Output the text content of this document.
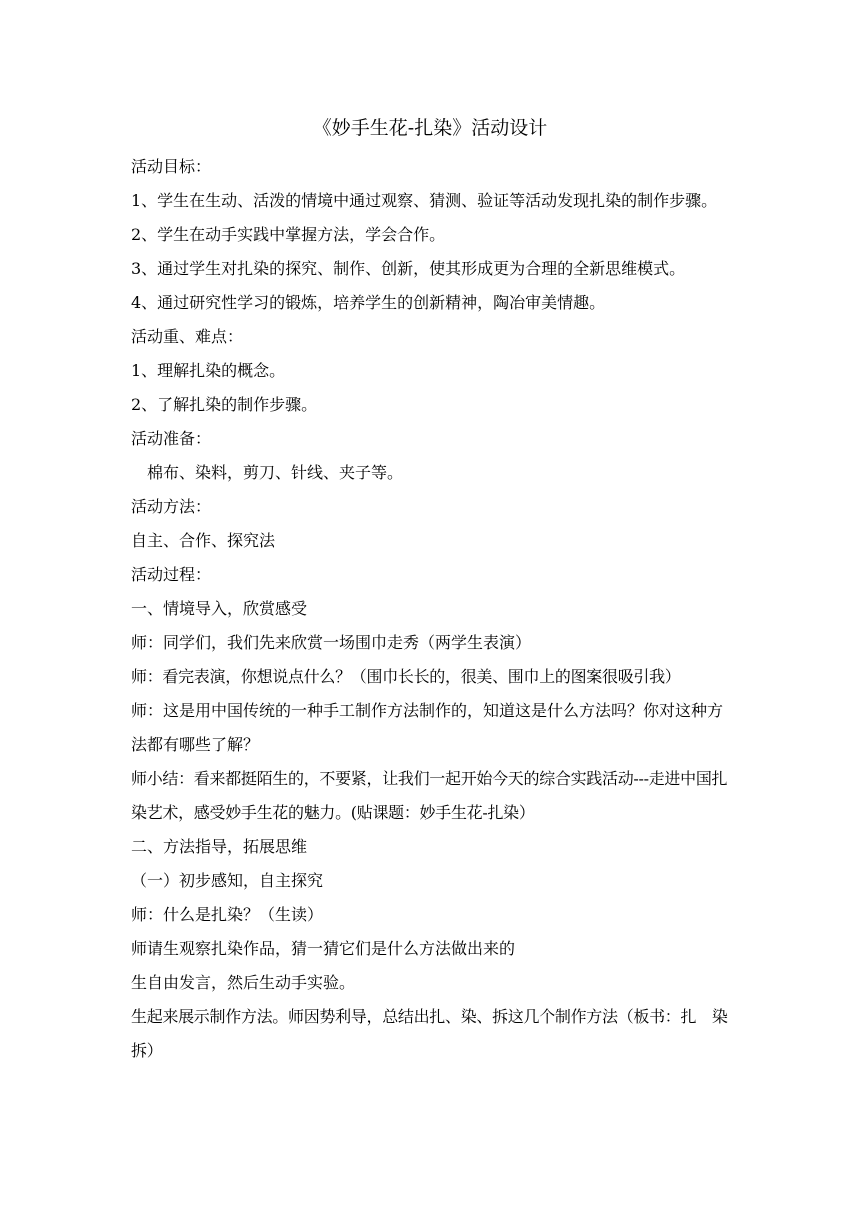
《妙手生花-扎染》活动设计

活动目标：

1、学生在生动、活泼的情境中通过观察、猜测、验证等活动发现扎染的制作步骤。

2、学生在动手实践中掌握方法，学会合作。

3、通过学生对扎染的探究、制作、创新，使其形成更为合理的全新思维模式。

4、通过研究性学习的锻炼，培养学生的创新精神，陶冶审美情趣。

活动重、难点：

1、理解扎染的概念。

2、了解扎染的制作步骤。

活动准备：

棉布、染料，剪刀、针线、夹子等。

活动方法：

自主、合作、探究法

活动过程：

一、情境导入，欣赏感受

师：同学们，我们先来欣赏一场围巾走秀（两学生表演）

师：看完表演，你想说点什么？（围巾长长的，很美、围巾上的图案很吸引我）

师：这是用中国传统的一种手工制作方法制作的，知道这是什么方法吗？你对这种方法都有哪些了解？

师小结：看来都挺陌生的，不要紧，让我们一起开始今天的综合实践活动---走进中国扎染艺术，感受妙手生花的魅力。(贴课题：妙手生花-扎染）

二、方法指导，拓展思维

（一）初步感知，自主探究

师：什么是扎染？（生读）

师请生观察扎染作品，猜一猜它们是什么方法做出来的

生自由发言，然后生动手实验。

生起来展示制作方法。师因势利导，总结出扎、染、拆这几个制作方法（板书：扎　染　拆）
